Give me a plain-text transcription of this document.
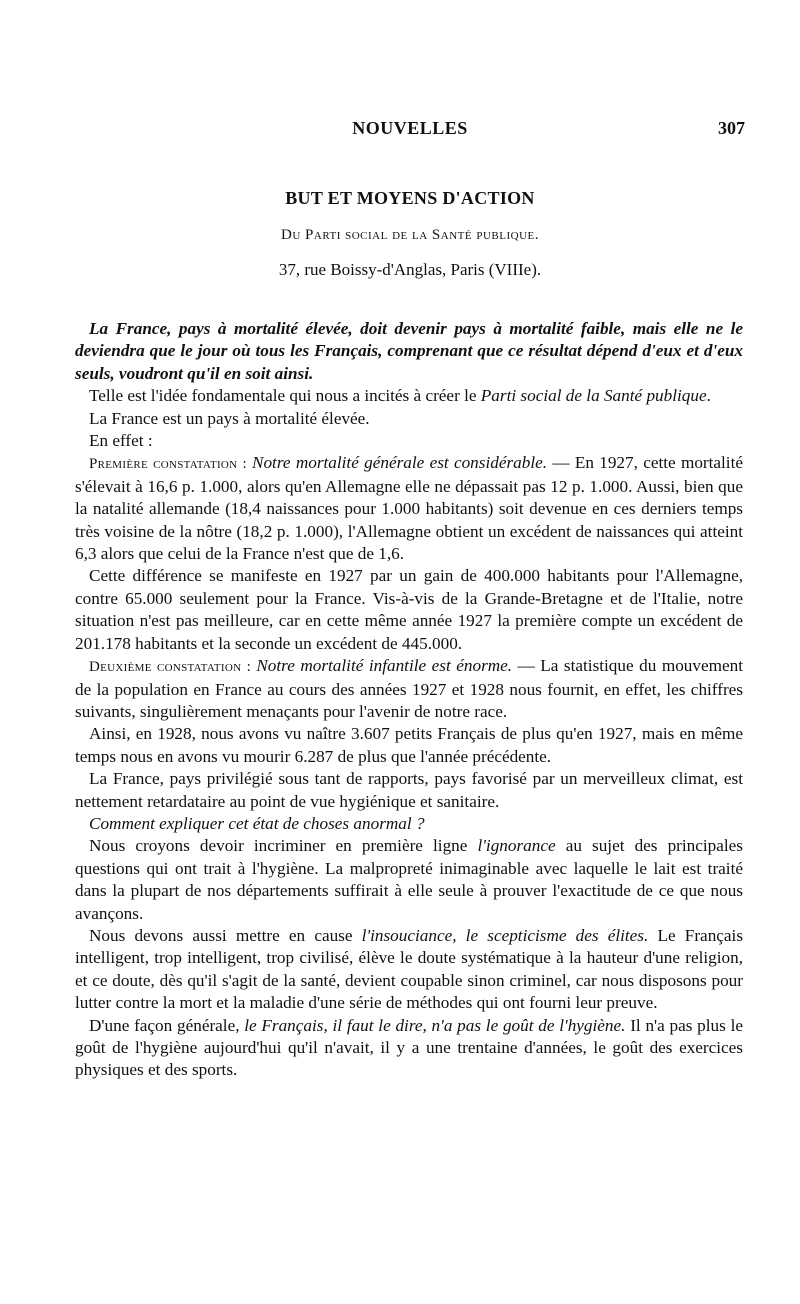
NOUVELLES	307
BUT ET MOYENS D'ACTION
Du Parti social de la Santé publique.
37, rue Boissy-d'Anglas, Paris (VIIIe).

La France, pays à mortalité élevée, doit devenir pays à mortalité faible, mais elle ne le deviendra que le jour où tous les Français, comprenant que ce résultat dépend d'eux et d'eux seuls, voudront qu'il en soit ainsi.

Telle est l'idée fondamentale qui nous a incités à créer le Parti social de la Santé publique.

La France est un pays à mortalité élevée.

En effet :

Première constatation : Notre mortalité générale est considérable. — En 1927, cette mortalité s'élevait à 16,6 p. 1.000, alors qu'en Allemagne elle ne dépassait pas 12 p. 1.000. Aussi, bien que la natalité allemande (18,4 naissances pour 1.000 habitants) soit devenue en ces derniers temps très voisine de la nôtre (18,2 p. 1.000), l'Allemagne obtient un excédent de naissances qui atteint 6,3 alors que celui de la France n'est que de 1,6.

Cette différence se manifeste en 1927 par un gain de 400.000 habitants pour l'Allemagne, contre 65.000 seulement pour la France. Vis-à-vis de la Grande-Bretagne et de l'Italie, notre situation n'est pas meilleure, car en cette même année 1927 la première compte un excédent de 201.178 habitants et la seconde un excédent de 445.000.

Deuxième constatation : Notre mortalité infantile est énorme. — La statistique du mouvement de la population en France au cours des années 1927 et 1928 nous fournit, en effet, les chiffres suivants, singulièrement menaçants pour l'avenir de notre race.

Ainsi, en 1928, nous avons vu naître 3.607 petits Français de plus qu'en 1927, mais en même temps nous en avons vu mourir 6.287 de plus que l'année précédente.

La France, pays privilégié sous tant de rapports, pays favorisé par un merveilleux climat, est nettement retardataire au point de vue hygiénique et sanitaire.

Comment expliquer cet état de choses anormal ?

Nous croyons devoir incriminer en première ligne l'ignorance au sujet des principales questions qui ont trait à l'hygiène. La malpropreté inimaginable avec laquelle le lait est traité dans la plupart de nos départements suffirait à elle seule à prouver l'exactitude de ce que nous avançons.

Nous devons aussi mettre en cause l'insouciance, le scepticisme des élites. Le Français intelligent, trop intelligent, trop civilisé, élève le doute systématique à la hauteur d'une religion, et ce doute, dès qu'il s'agit de la santé, devient coupable sinon criminel, car nous disposons pour lutter contre la mort et la maladie d'une série de méthodes qui ont fourni leur preuve.

D'une façon générale, le Français, il faut le dire, n'a pas le goût de l'hygiène. Il n'a pas plus le goût de l'hygiène aujourd'hui qu'il n'avait, il y a une trentaine d'années, le goût des exercices physiques et des sports.
